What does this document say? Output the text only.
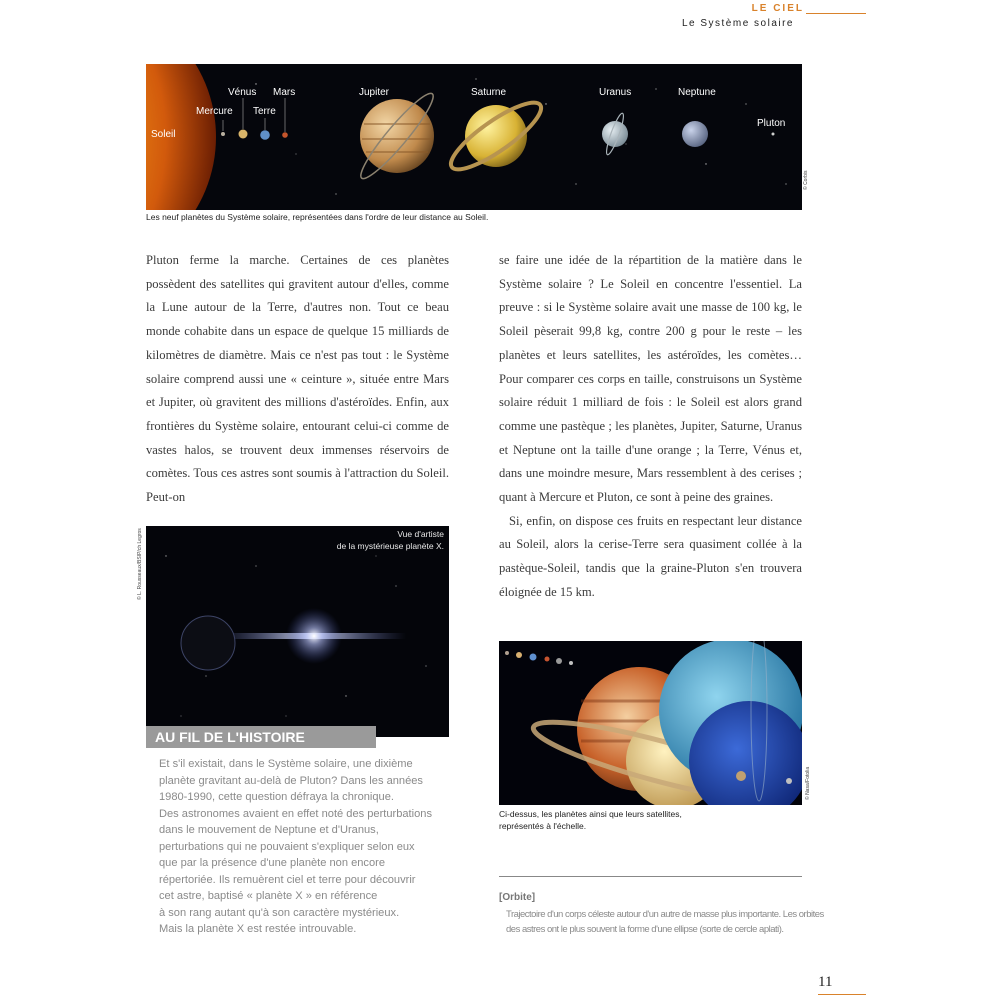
LE CIEL
Le Système solaire
Soleil
Mercure
Vénus
Terre
Mars	Jupiter	Saturne	Uranus	Neptune
Pluton
© Corbis
Les neuf planètes du Système solaire, représentées dans l'ordre de leur distance au Soleil.

Pluton ferme la marche. Certaines de ces planètes possèdent des satellites qui gravitent autour d'elles, comme la Lune autour de la Terre, d'autres non. Tout ce beau monde cohabite dans un espace de quelque 15 milliards de kilomètres de diamètre. Mais ce n'est pas tout : le Système solaire comprend aussi une « ceinture », située entre Mars et Jupiter, où gravitent des millions d'astéroïdes. Enfin, aux frontières du Système solaire, entourant celui-ci comme de vastes halos, se trouvent deux immenses réservoirs de comètes. Tous ces astres sont soumis à l'attraction du Soleil. Peut-on

se faire une idée de la répartition de la matière dans le Système solaire ? Le Soleil en concentre l'essentiel. La preuve : si le Système solaire avait une masse de 100 kg, le Soleil pèserait 99,8 kg, contre 200 g pour le reste – les planètes et leurs satellites, les astéroïdes, les comètes… Pour comparer ces corps en taille, construisons un Système solaire réduit 1 milliard de fois : le Soleil est alors grand comme une pastèque ; les planètes, Jupiter, Saturne, Uranus et Neptune ont la taille d'une orange ; la Terre, Vénus et, dans une moindre mesure, Mars ressemblent à des cerises ; quant à Mercure et Pluton, ce sont à peine des graines.

Si, enfin, on dispose ces fruits en respectant leur distance au Soleil, alors la cerise-Terre sera quasiment collée à la pastèque-Soleil, tandis que la graine-Pluton s'en trouvera éloignée de 15 km.

Vue d'artiste
de la mystérieuse planète X.
© L. Rousseaux/BSIP/ch Legros
AU FIL DE L'HISTOIRE
Et s'il existait, dans le Système solaire, une dixième
planète gravitant au-delà de Pluton? Dans les années
1980-1990, cette question défraya la chronique.
Des astronomes avaient en effet noté des perturbations
dans le mouvement de Neptune et d'Uranus,
perturbations qui ne pouvaient s'expliquer selon eux
que par la présence d'une planète non encore
répertoriée. Ils remuèrent ciel et terre pour découvrir
cet astre, baptisé « planète X » en référence
à son rang autant qu'à son caractère mystérieux.
Mais la planète X est restée introuvable.
© Nasa/Fotolia
Ci-dessus, les planètes ainsi que leurs satellites,
représentés à l'échelle.
[Orbite]
Trajectoire d'un corps céleste autour d'un autre de masse plus importante. Les orbites
des astres ont le plus souvent la forme d'une ellipse (sorte de cercle aplati).
11
